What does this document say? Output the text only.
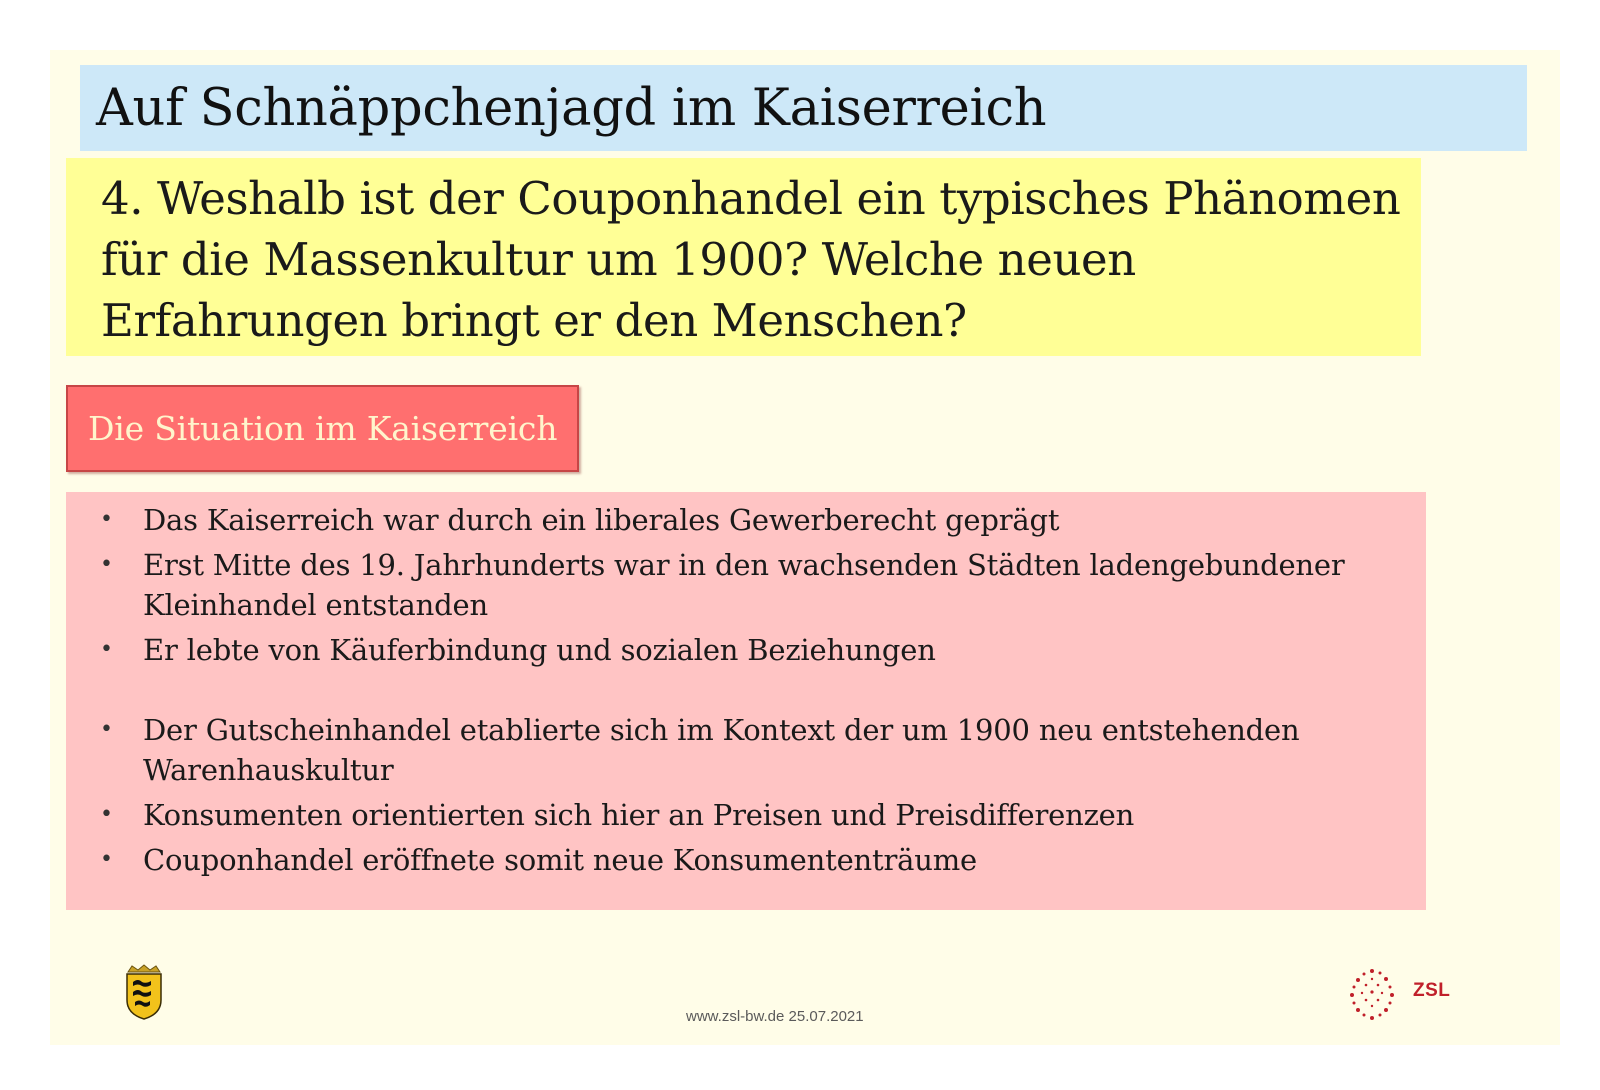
Auf Schnäppchenjagd im Kaiserreich
4. Weshalb ist der Couponhandel ein typisches Phänomen
für die Massenkultur um 1900? Welche neuen
Erfahrungen bringt er den Menschen?
Die Situation im Kaiserreich
• Das Kaiserreich war durch ein liberales Gewerberecht geprägt
• Erst Mitte des 19. Jahrhunderts war in den wachsenden Städten ladengebundener Kleinhandel entstanden
• Er lebte von Käuferbindung und sozialen Beziehungen
• Der Gutscheinhandel etablierte sich im Kontext der um 1900 neu entstehenden Warenhauskultur
• Konsumenten orientierten sich hier an Preisen und Preisdifferenzen
• Couponhandel eröffnete somit neue Konsumententräume
www.zsl-bw.de 25.07.2021
ZSL
